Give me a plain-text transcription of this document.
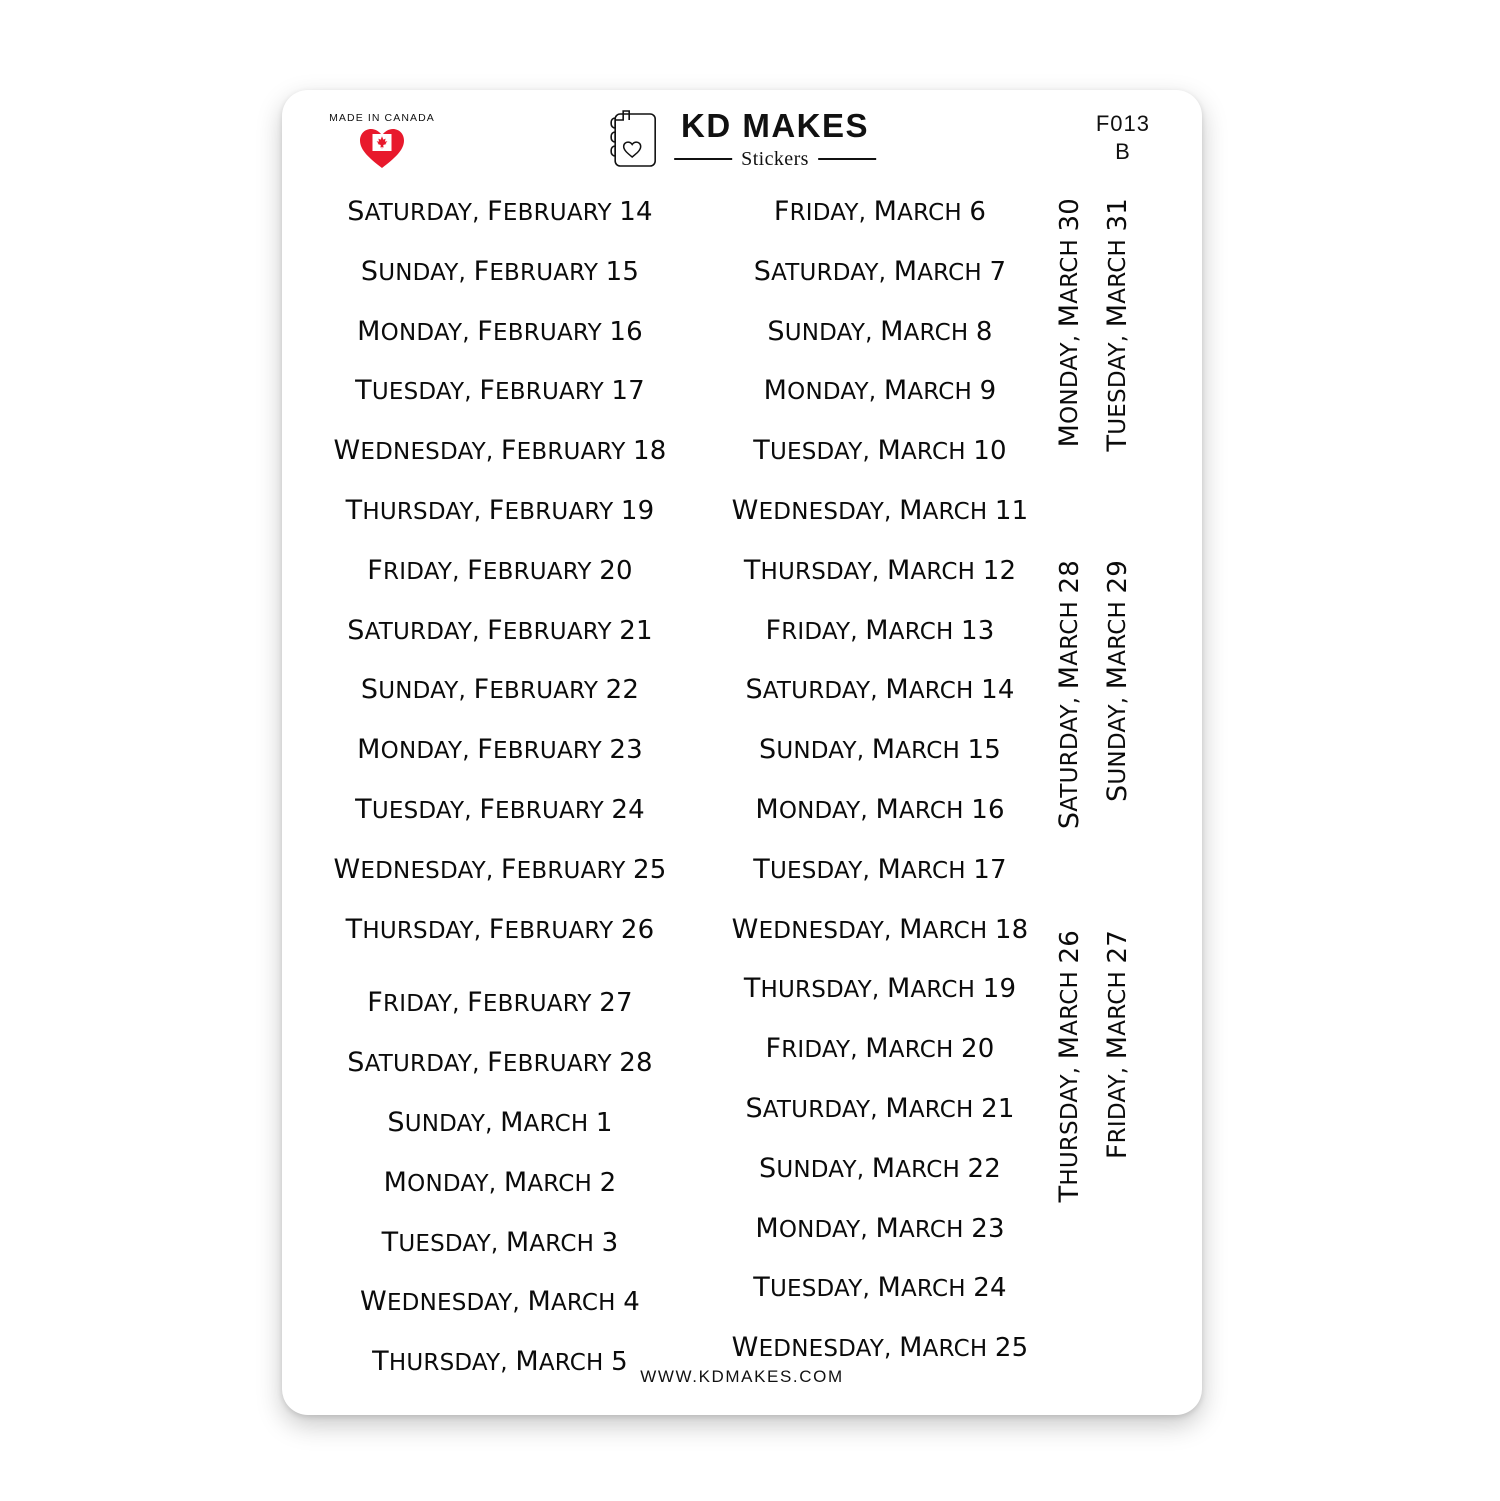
MADE IN CANADA	KD MAKES
Stickers
F013
B
SATURDAY, FEBRUARY 14
SUNDAY, FEBRUARY 15
MONDAY, FEBRUARY 16
TUESDAY, FEBRUARY 17
WEDNESDAY, FEBRUARY 18
THURSDAY, FEBRUARY 19
FRIDAY, FEBRUARY 20
SATURDAY, FEBRUARY 21
SUNDAY, FEBRUARY 22
MONDAY, FEBRUARY 23
TUESDAY, FEBRUARY 24
WEDNESDAY, FEBRUARY 25
THURSDAY, FEBRUARY 26
FRIDAY, FEBRUARY 27
SATURDAY, FEBRUARY 28
SUNDAY, MARCH 1
MONDAY, MARCH 2
TUESDAY, MARCH 3
WEDNESDAY, MARCH 4
THURSDAY, MARCH 5
FRIDAY, MARCH 6
SATURDAY, MARCH 7
SUNDAY, MARCH 8
MONDAY, MARCH 9
TUESDAY, MARCH 10
WEDNESDAY, MARCH 11
THURSDAY, MARCH 12
FRIDAY, MARCH 13
SATURDAY, MARCH 14
SUNDAY, MARCH 15
MONDAY, MARCH 16
TUESDAY, MARCH 17
WEDNESDAY, MARCH 18
THURSDAY, MARCH 19
FRIDAY, MARCH 20
SATURDAY, MARCH 21
SUNDAY, MARCH 22
MONDAY, MARCH 23
TUESDAY, MARCH 24
WEDNESDAY, MARCH 25
MONDAY, MARCH 30
TUESDAY, MARCH 31
SATURDAY, MARCH 28
SUNDAY, MARCH 29
THURSDAY, MARCH 26
FRIDAY, MARCH 27
WWW.KDMAKES.COM
